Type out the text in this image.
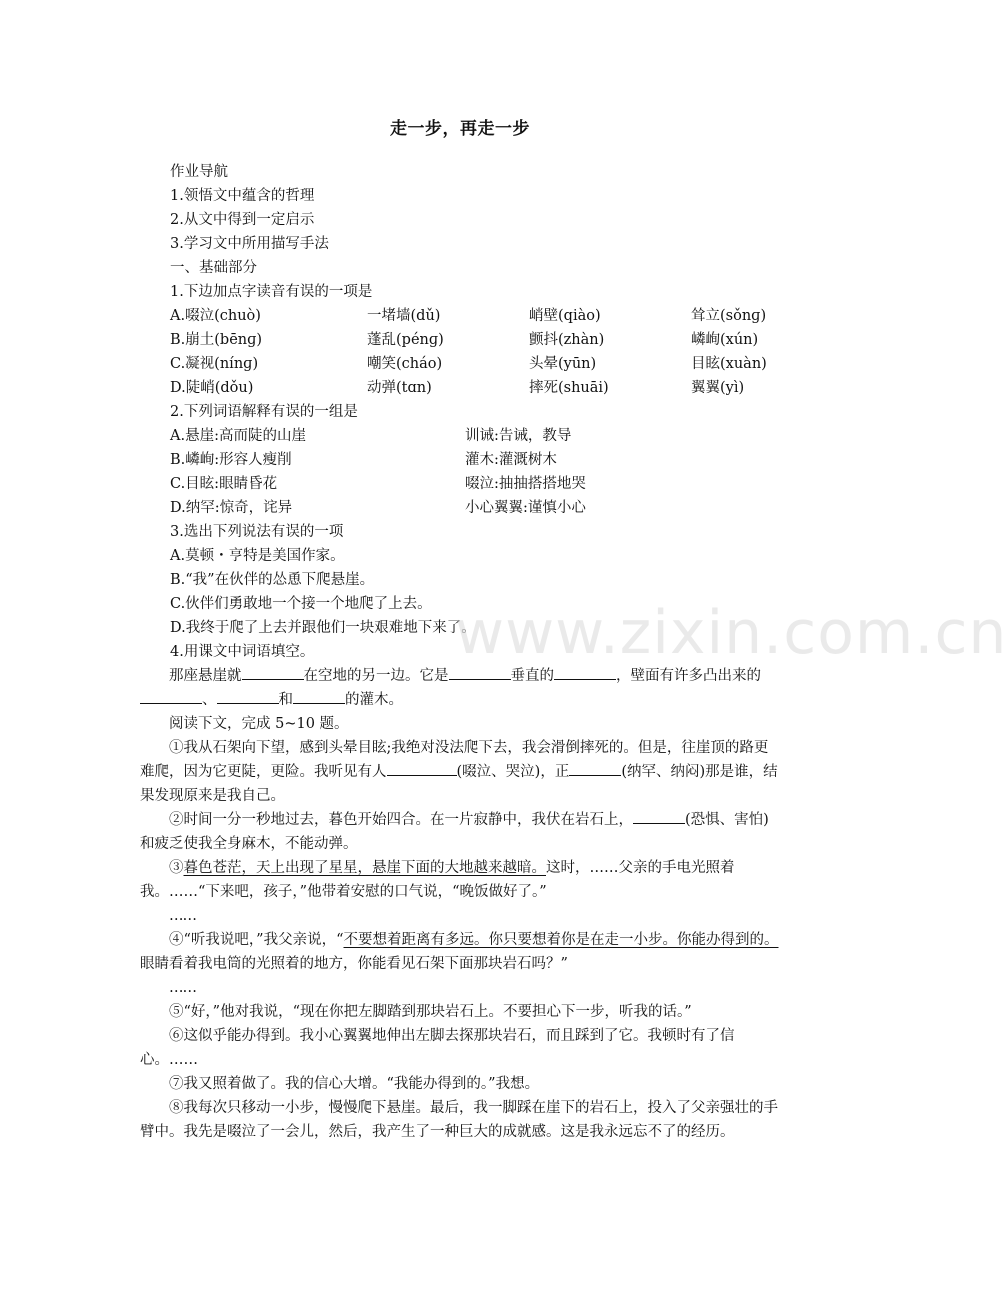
走一步，再走一步
作业导航
1.领悟文中蕴含的哲理
2.从文中得到一定启示
3.学习文中所用描写手法
一、基础部分
1.下边加点字读音有误的一项是
A.啜泣(chuò)	一堵墙(dǔ)	峭壁(qiào)	耸立(sǒnɡ)
B.崩土(bēnɡ)	蓬乱(pénɡ)	颤抖(zhàn)	嶙峋(xún)
C.凝视(nínɡ)	嘲笑(cháo)	头晕(yūn)	目眩(xuàn)
D.陡峭(dǒu)	动弹(tɑn)	摔死(shuāi)	翼翼(yì)
2.下列词语解释有误的一组是
A.悬崖:高而陡的山崖	训诫:告诫，教导
B.嶙峋:形容人瘦削	灌木:灌溉树木
C.目眩:眼睛昏花	啜泣:抽抽搭搭地哭
D.纳罕:惊奇，诧异	小心翼翼:谨慎小心
3.选出下列说法有误的一项
A.莫顿・亨特是美国作家。
B.“我”在伙伴的怂恿下爬悬崖。
C.伙伴们勇敢地一个接一个地爬了上去。
D.我终于爬了上去并跟他们一块艰难地下来了。
4.用课文中词语填空。

那座悬崖就	在空地的另一边。它是	垂直的	，壁面有许多凸出来的、	和	的灌木。

阅读下文，完成 5~10 题。

①我从石架向下望，感到头晕目眩;我绝对没法爬下去，我会滑倒摔死的。但是，往崖顶的路更难爬，因为它更陡，更险。我听见有人	(啜泣、哭泣)，正	(纳罕、纳闷)那是谁，结果发现原来是我自己。

②时间一分一秒地过去，暮色开始四合。在一片寂静中，我伏在岩石上，	(恐惧、害怕)和疲乏使我全身麻木，不能动弹。

③暮色苍茫，天上出现了星星，悬崖下面的大地越来越暗。这时，……父亲的手电光照着我。……“下来吧，孩子，”他带着安慰的口气说，“晚饭做好了。”

……

④“听我说吧，”我父亲说，“不要想着距离有多远。你只要想着你是在走一小步。你能办得到的。眼睛看着我电筒的光照着的地方，你能看见石架下面那块岩石吗？”

……

⑤“好，”他对我说，“现在你把左脚踏到那块岩石上。不要担心下一步，听我的话。”

⑥这似乎能办得到。我小心翼翼地伸出左脚去探那块岩石，而且踩到了它。我顿时有了信心。……

⑦我又照着做了。我的信心大增。“我能办得到的。”我想。

⑧我每次只移动一小步，慢慢爬下悬崖。最后，我一脚踩在崖下的岩石上，投入了父亲强壮的手臂中。我先是啜泣了一会儿，然后，我产生了一种巨大的成就感。这是我永远忘不了的经历。

www.zixin.com.cn
